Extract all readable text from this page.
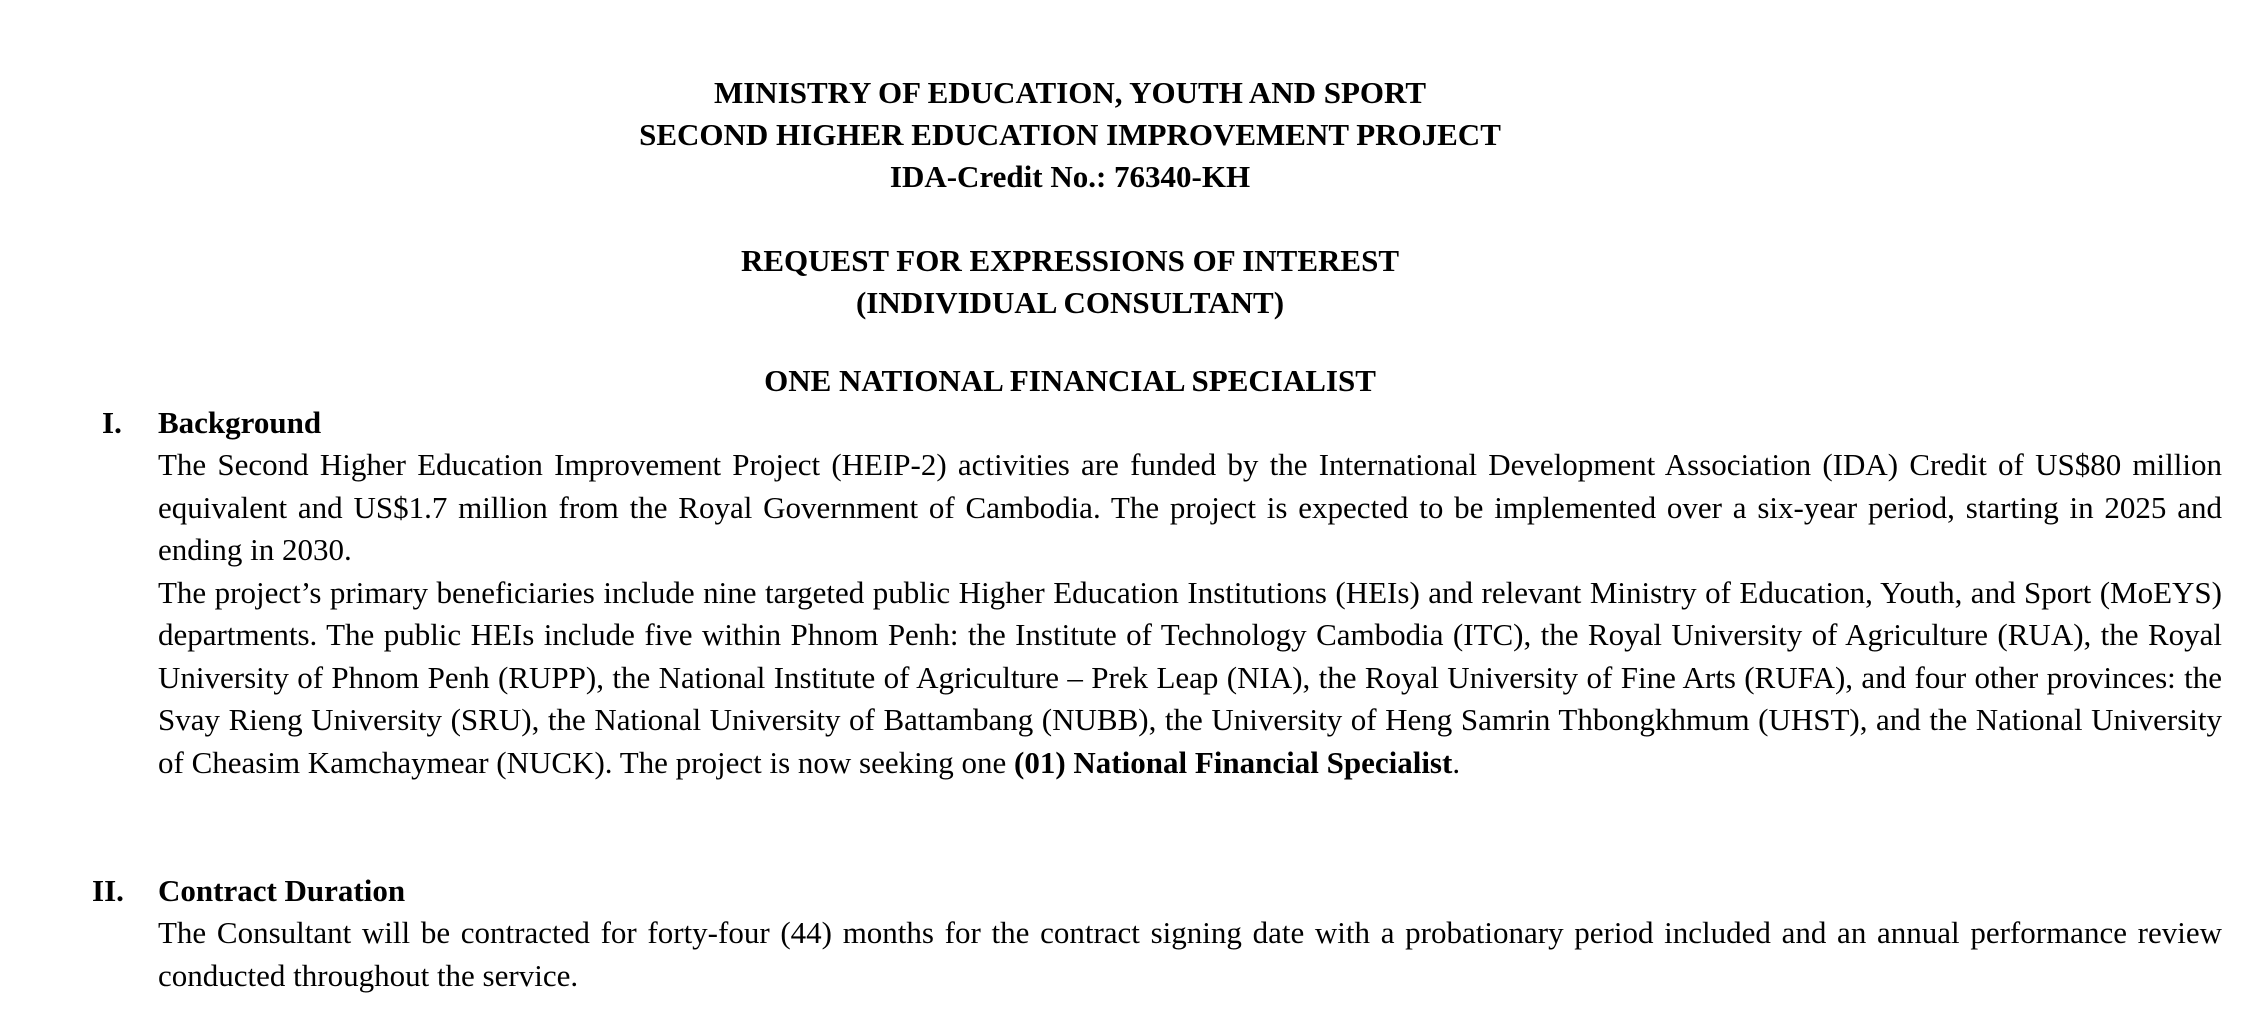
MINISTRY OF EDUCATION, YOUTH AND SPORT
SECOND HIGHER EDUCATION IMPROVEMENT PROJECT
IDA-Credit No.: 76340-KH
REQUEST FOR EXPRESSIONS OF INTEREST
(INDIVIDUAL CONSULTANT)
ONE NATIONAL FINANCIAL SPECIALIST
I. Background

The Second Higher Education Improvement Project (HEIP-2) activities are funded by the International Development Association (IDA) Credit of US$80 million equivalent and US$1.7 million from the Royal Government of Cambodia. The project is expected to be implemented over a six-year period, starting in 2025 and ending in 2030.

The project’s primary beneficiaries include nine targeted public Higher Education Institutions (HEIs) and relevant Ministry of Education, Youth, and Sport (MoEYS) departments. The public HEIs include five within Phnom Penh: the Institute of Technology Cambodia (ITC), the Royal University of Agriculture (RUA), the Royal University of Phnom Penh (RUPP), the National Institute of Agriculture – Prek Leap (NIA), the Royal University of Fine Arts (RUFA), and four other provinces: the Svay Rieng University (SRU), the National University of Battambang (NUBB), the University of Heng Samrin Thbongkhmum (UHST), and the National University of Cheasim Kamchaymear (NUCK). The project is now seeking one (01) National Financial Specialist.

II. Contract Duration

The Consultant will be contracted for forty-four (44) months for the contract signing date with a probationary period included and an annual performance review conducted throughout the service.
